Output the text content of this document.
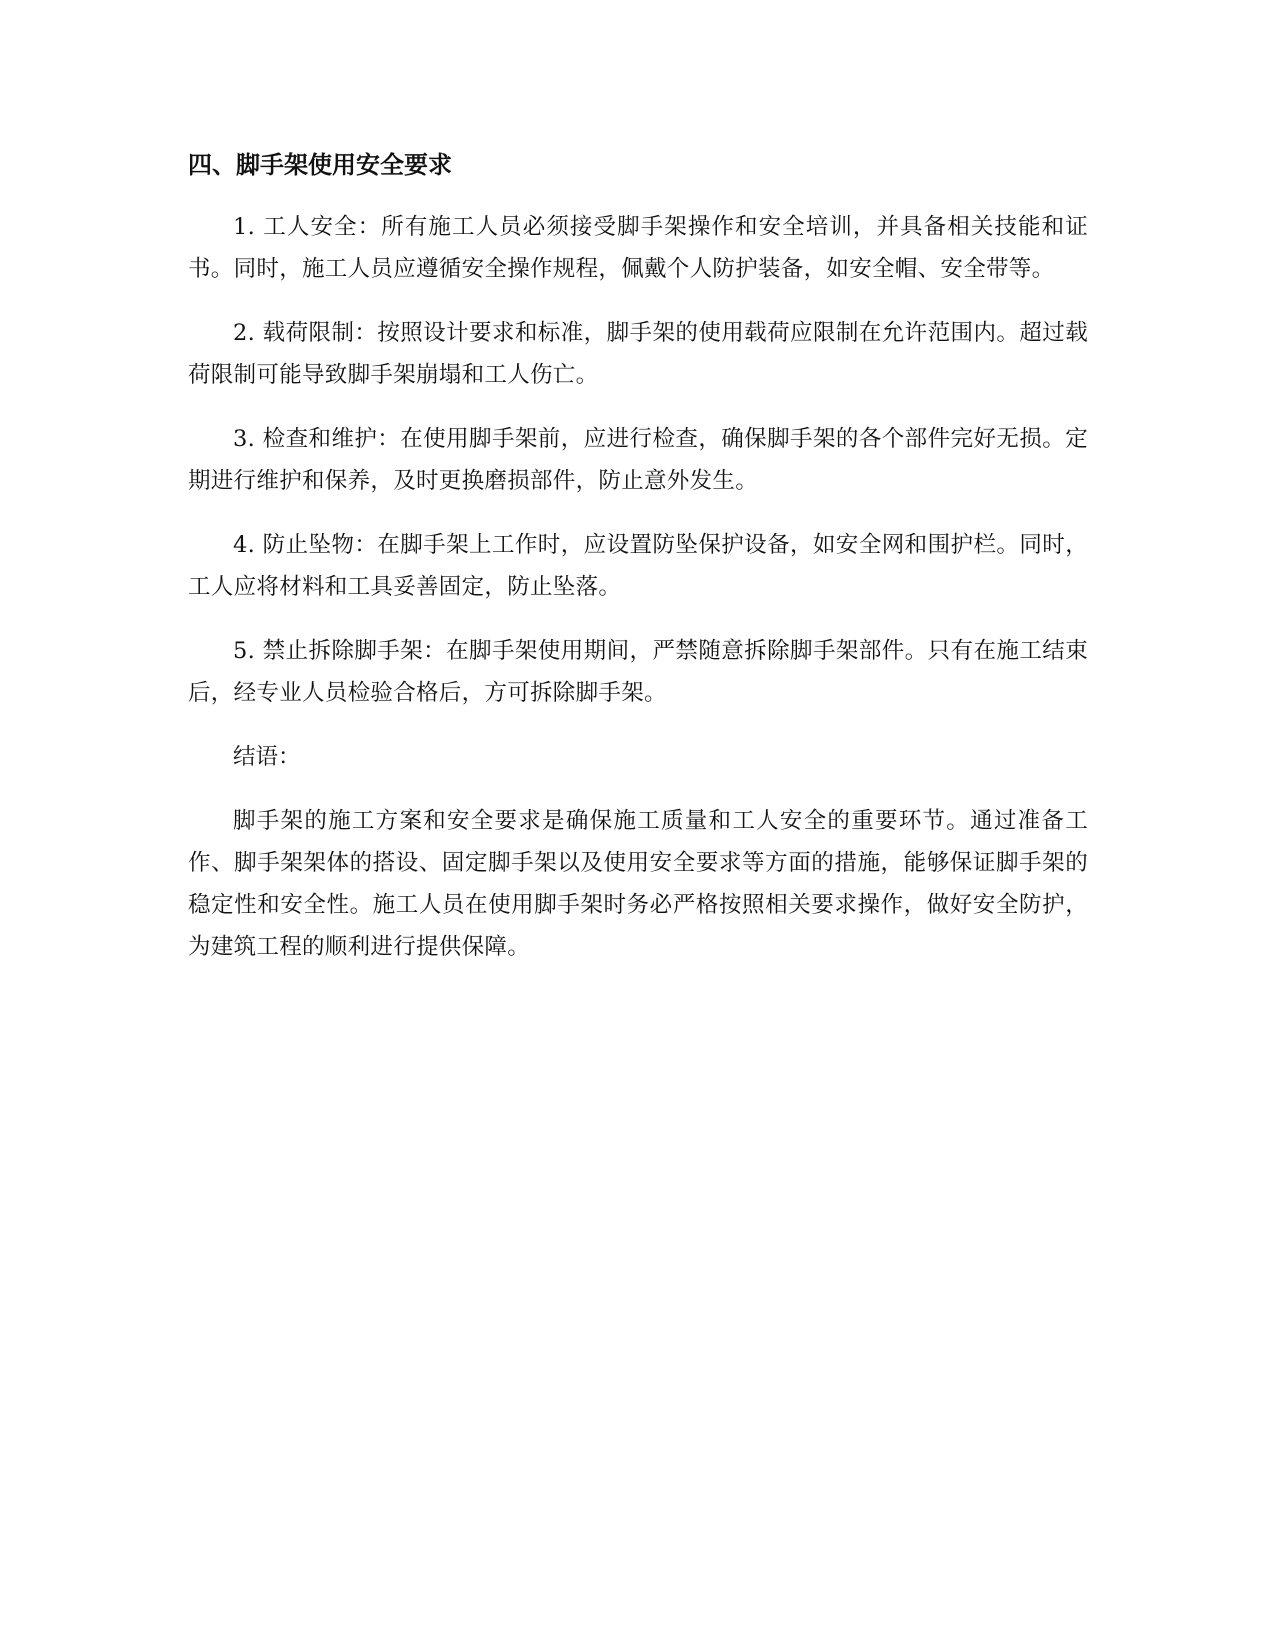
四、脚手架使用安全要求

1. 工人安全：所有施工人员必须接受脚手架操作和安全培训，并具备相关技能和证书。同时，施工人员应遵循安全操作规程，佩戴个人防护装备，如安全帽、安全带等。

2. 载荷限制：按照设计要求和标准，脚手架的使用载荷应限制在允许范围内。超过载荷限制可能导致脚手架崩塌和工人伤亡。

3. 检查和维护：在使用脚手架前，应进行检查，确保脚手架的各个部件完好无损。定期进行维护和保养，及时更换磨损部件，防止意外发生。

4. 防止坠物：在脚手架上工作时，应设置防坠保护设备，如安全网和围护栏。同时，工人应将材料和工具妥善固定，防止坠落。

5. 禁止拆除脚手架：在脚手架使用期间，严禁随意拆除脚手架部件。只有在施工结束后，经专业人员检验合格后，方可拆除脚手架。

结语：

脚手架的施工方案和安全要求是确保施工质量和工人安全的重要环节。通过准备工作、脚手架架体的搭设、固定脚手架以及使用安全要求等方面的措施，能够保证脚手架的稳定性和安全性。施工人员在使用脚手架时务必严格按照相关要求操作，做好安全防护，为建筑工程的顺利进行提供保障。
